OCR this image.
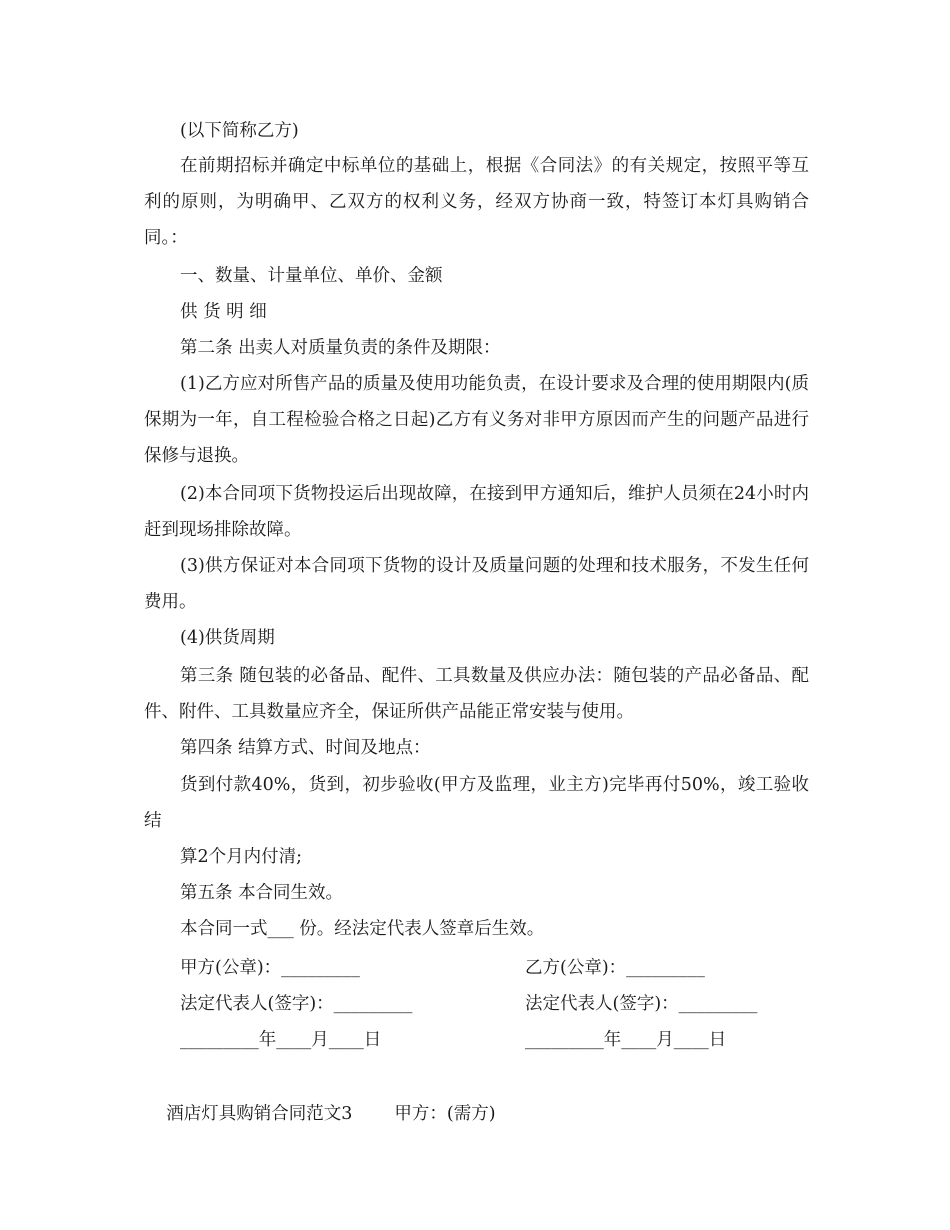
(以下简称乙方)

在前期招标并确定中标单位的基础上，根据《合同法》的有关规定，按照平等互利的原则，为明确甲、乙双方的权利义务，经双方协商一致，特签订本灯具购销合同。：

一、数量、计量单位、单价、金额

供 货 明 细

第二条 出卖人对质量负责的条件及期限：

(1)乙方应对所售产品的质量及使用功能负责，在设计要求及合理的使用期限内(质保期为一年，自工程检验合格之日起)乙方有义务对非甲方原因而产生的问题产品进行保修与退换。

(2)本合同项下货物投运后出现故障，在接到甲方通知后，维护人员须在24小时内赶到现场排除故障。

(3)供方保证对本合同项下货物的设计及质量问题的处理和技术服务，不发生任何费用。

(4)供货周期

第三条 随包装的必备品、配件、工具数量及供应办法：随包装的产品必备品、配件、附件、工具数量应齐全，保证所供产品能正常安装与使用。

第四条 结算方式、时间及地点：

货到付款40%，货到，初步验收(甲方及监理，业主方)完毕再付50%，竣工验收结

算2个月内付清;

第五条 本合同生效。

本合同一式___ 份。经法定代表人签章后生效。

甲方(公章)：_________	乙方(公章)：_________
法定代表人(签字)：_________	法定代表人(签字)：_________
_________年____月____日	_________年____月____日

酒店灯具购销合同范文3 甲方：(需方)
